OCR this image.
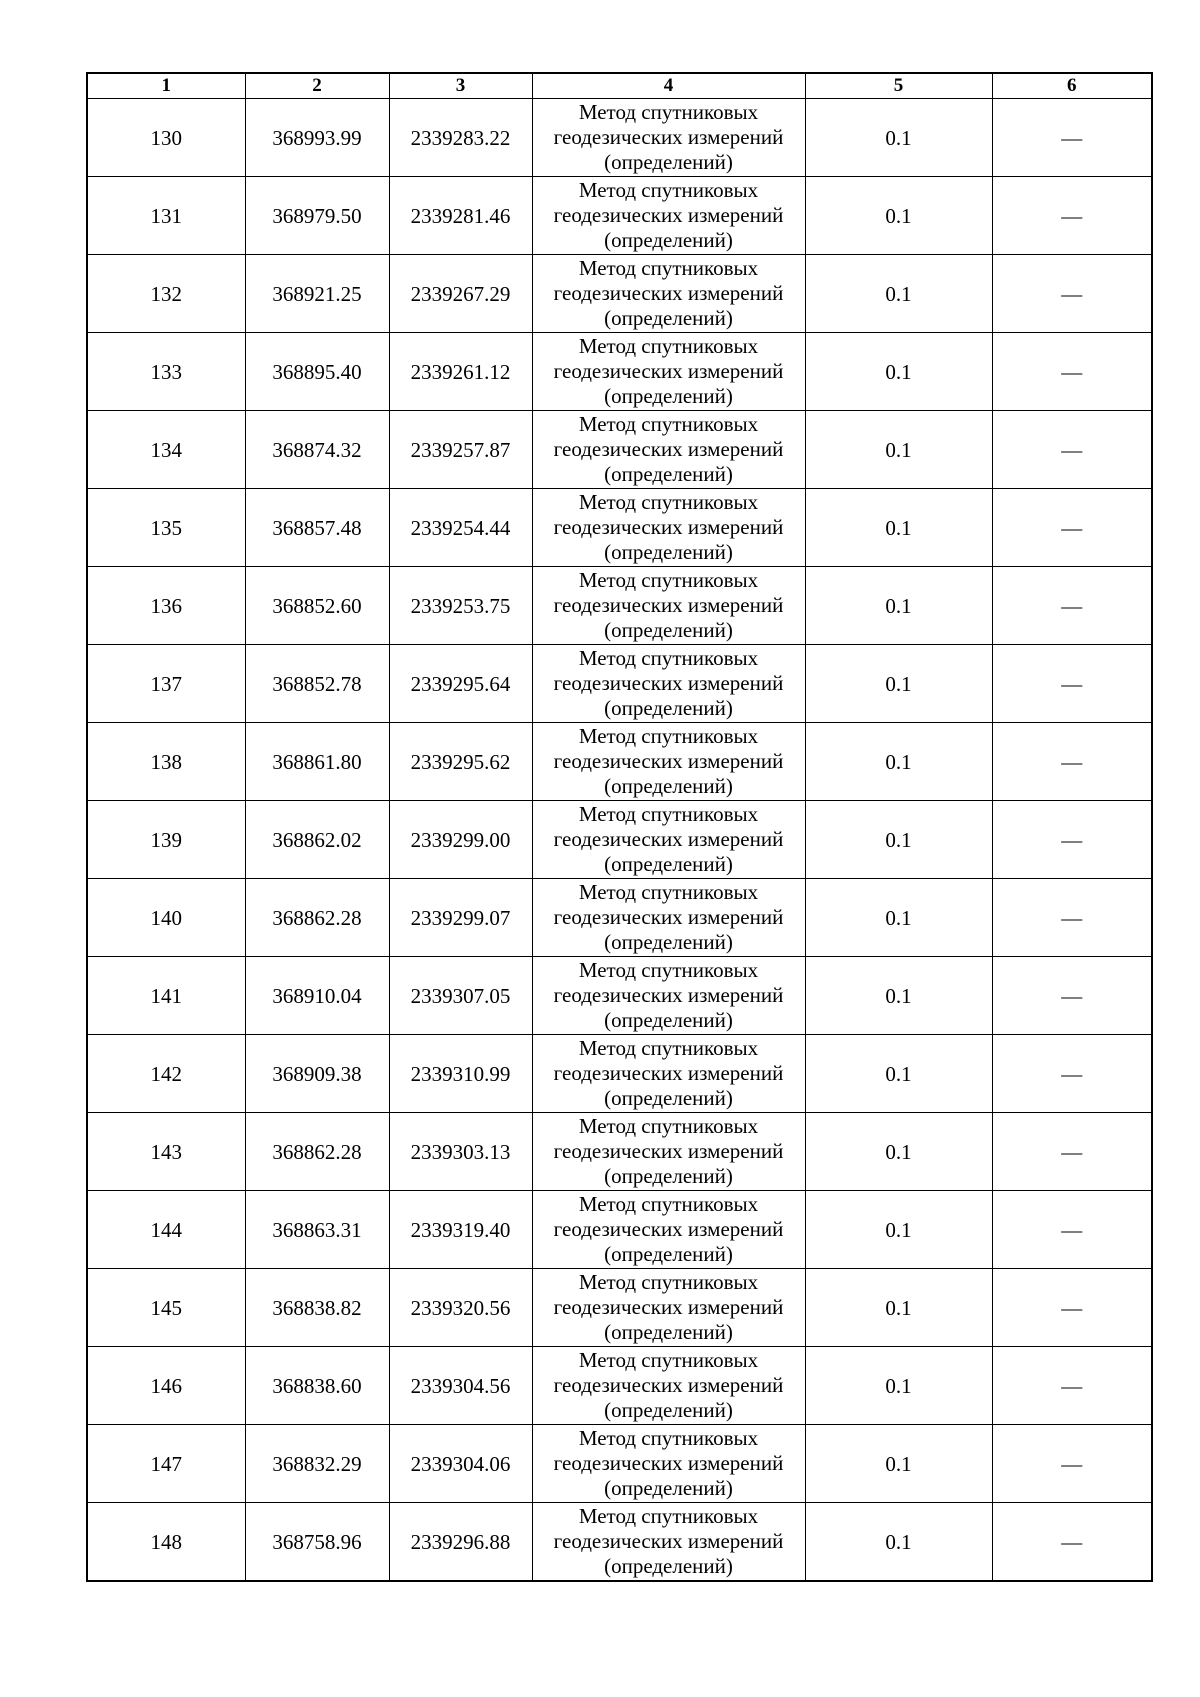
1	2	3	4	5	6
130	368993.99	2339283.22	Метод спутниковых геодезических измерений (определений)	0.1	—
131	368979.50	2339281.46	Метод спутниковых геодезических измерений (определений)	0.1	—
132	368921.25	2339267.29	Метод спутниковых геодезических измерений (определений)	0.1	—
133	368895.40	2339261.12	Метод спутниковых геодезических измерений (определений)	0.1	—
134	368874.32	2339257.87	Метод спутниковых геодезических измерений (определений)	0.1	—
135	368857.48	2339254.44	Метод спутниковых геодезических измерений (определений)	0.1	—
136	368852.60	2339253.75	Метод спутниковых геодезических измерений (определений)	0.1	—
137	368852.78	2339295.64	Метод спутниковых геодезических измерений (определений)	0.1	—
138	368861.80	2339295.62	Метод спутниковых геодезических измерений (определений)	0.1	—
139	368862.02	2339299.00	Метод спутниковых геодезических измерений (определений)	0.1	—
140	368862.28	2339299.07	Метод спутниковых геодезических измерений (определений)	0.1	—
141	368910.04	2339307.05	Метод спутниковых геодезических измерений (определений)	0.1	—
142	368909.38	2339310.99	Метод спутниковых геодезических измерений (определений)	0.1	—
143	368862.28	2339303.13	Метод спутниковых геодезических измерений (определений)	0.1	—
144	368863.31	2339319.40	Метод спутниковых геодезических измерений (определений)	0.1	—
145	368838.82	2339320.56	Метод спутниковых геодезических измерений (определений)	0.1	—
146	368838.60	2339304.56	Метод спутниковых геодезических измерений (определений)	0.1	—
147	368832.29	2339304.06	Метод спутниковых геодезических измерений (определений)	0.1	—
148	368758.96	2339296.88	Метод спутниковых геодезических измерений (определений)	0.1	—
